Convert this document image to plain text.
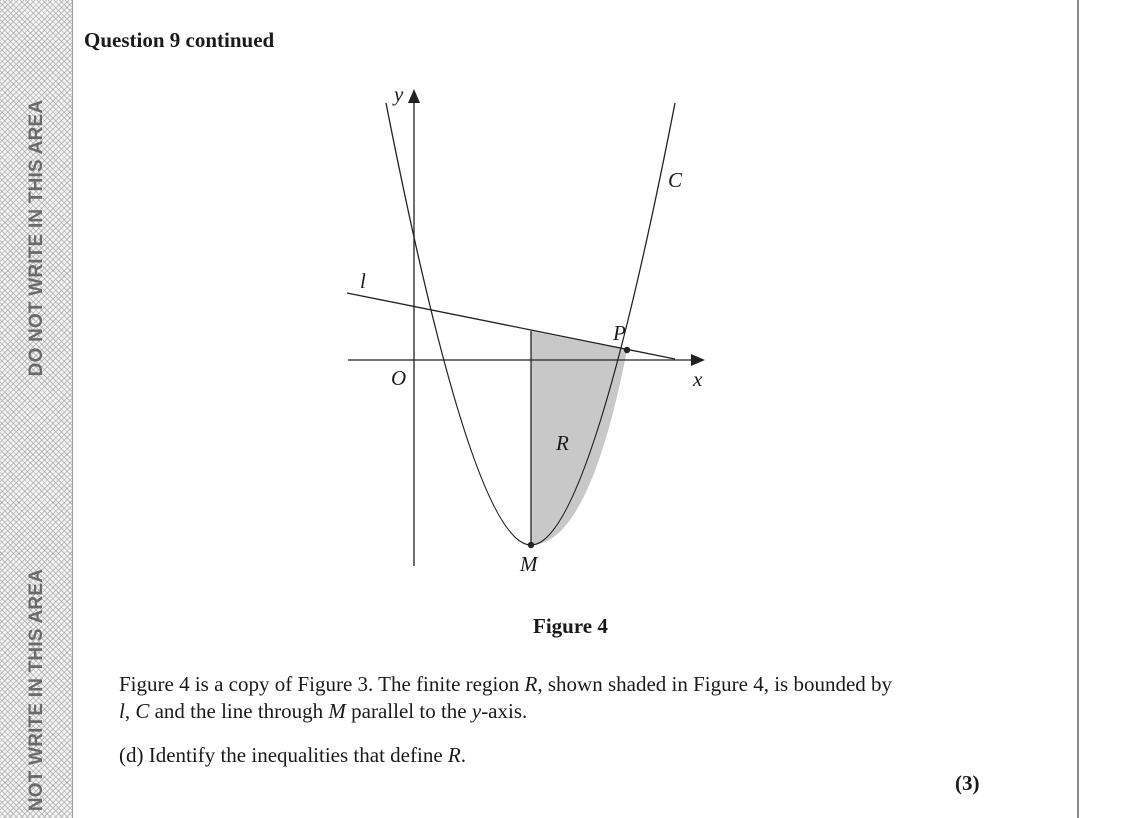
DO NOT WRITE IN THIS AREA
NOT WRITE IN THIS AREA
Question 9 continued
y
x
O
l
C
P
M
R
Figure 4
Figure 4 is a copy of Figure 3. The finite region R, shown shaded in Figure 4, is bounded by l, C and the line through M parallel to the y-axis.
(d) Identify the inequalities that define R.
(3)
